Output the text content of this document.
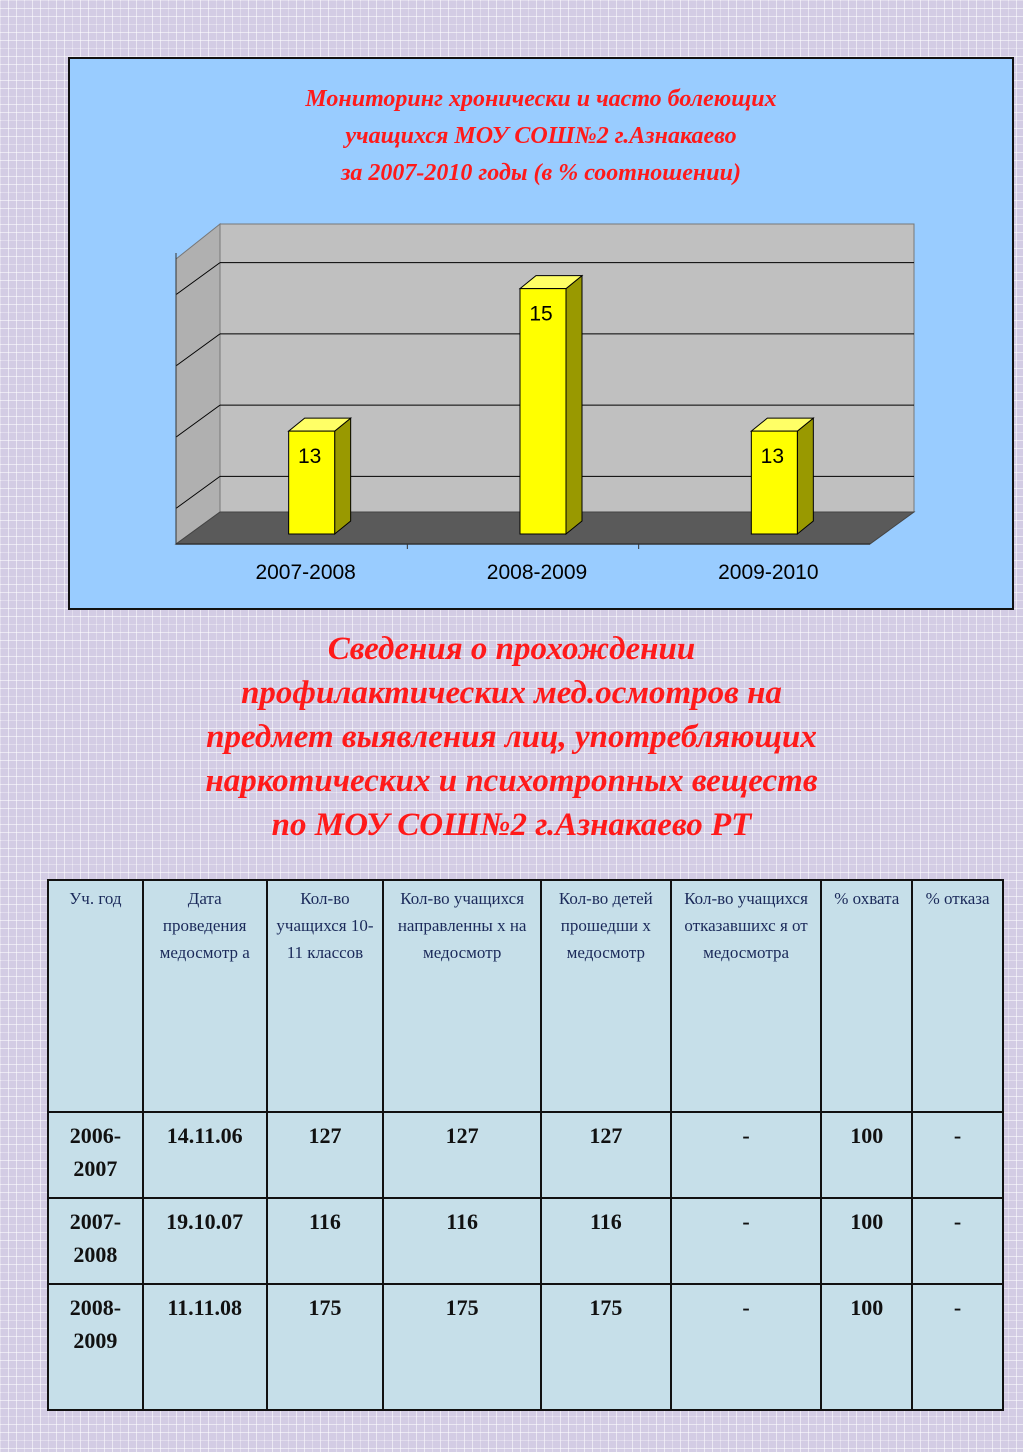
Мониторинг хронически и часто болеющих
учащихся МОУ СОШ№2 г.Азнакаево
за 2007-2010 годы (в % соотношении)
13
2007-2008
15
2008-2009
13
2009-2010
Сведения о прохождении
профилактических мед.осмотров на
предмет выявления лиц, употребляющих
наркотических и психотропных веществ
по МОУ СОШ№2 г.Азнакаево РТ
Уч. год	Дата проведения медосмотр а	Кол-во учащихся 10-11 классов	Кол-во учащихся направленны х на медосмотр	Кол-во детей прошедши х медосмотр	Кол-во учащихся отказавшихс я от медосмотра	% охвата	% отказа
2006-2007	14.11.06	127	127	127	-	100	-
2007-2008	19.10.07	116	116	116	-	100	-
2008-2009	11.11.08	175	175	175	-	100	-
